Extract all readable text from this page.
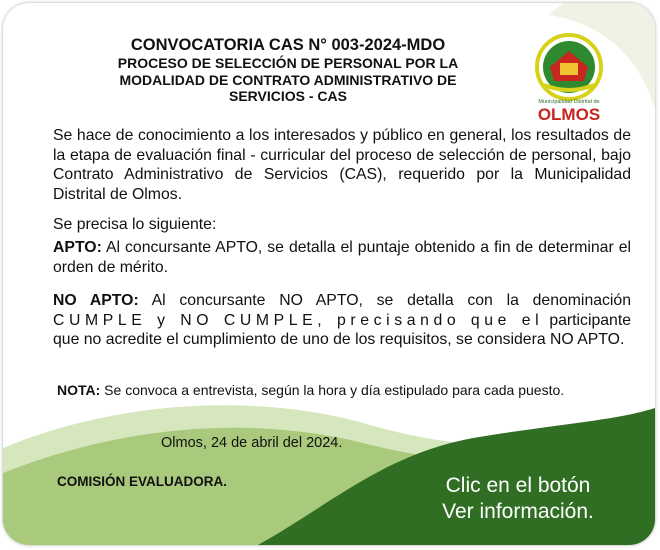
CONVOCATORIA CAS N° 003-2024-MDO
PROCESO DE SELECCIÓN DE PERSONAL POR LA
MODALIDAD DE CONTRATO ADMINISTRATIVO DE
SERVICIOS - CAS	Municipalidad Distrital de
OLMOS
Se hace de conocimiento a los interesados y público en general, los resultados de la etapa de evaluación final - curricular del proceso de selección de personal, bajo Contrato Administrativo de Servicios (CAS), requerido por la Municipalidad Distrital de Olmos.
Se precisa lo siguiente:
APTO: Al concursante APTO, se detalla el puntaje obtenido a fin de determinar el orden de mérito.
NO APTO: Al concursante NO APTO, se detalla con la denominación CUMPLE y NO CUMPLE, precisando que el participante que no acredite el cumplimiento de uno de los requisitos, se considera NO APTO.
NOTA: Se convoca a entrevista, según la hora y día estipulado para cada puesto.
Olmos, 24 de abril del 2024.
COMISIÓN EVALUADORA.	Clic en el botón
Ver información.
